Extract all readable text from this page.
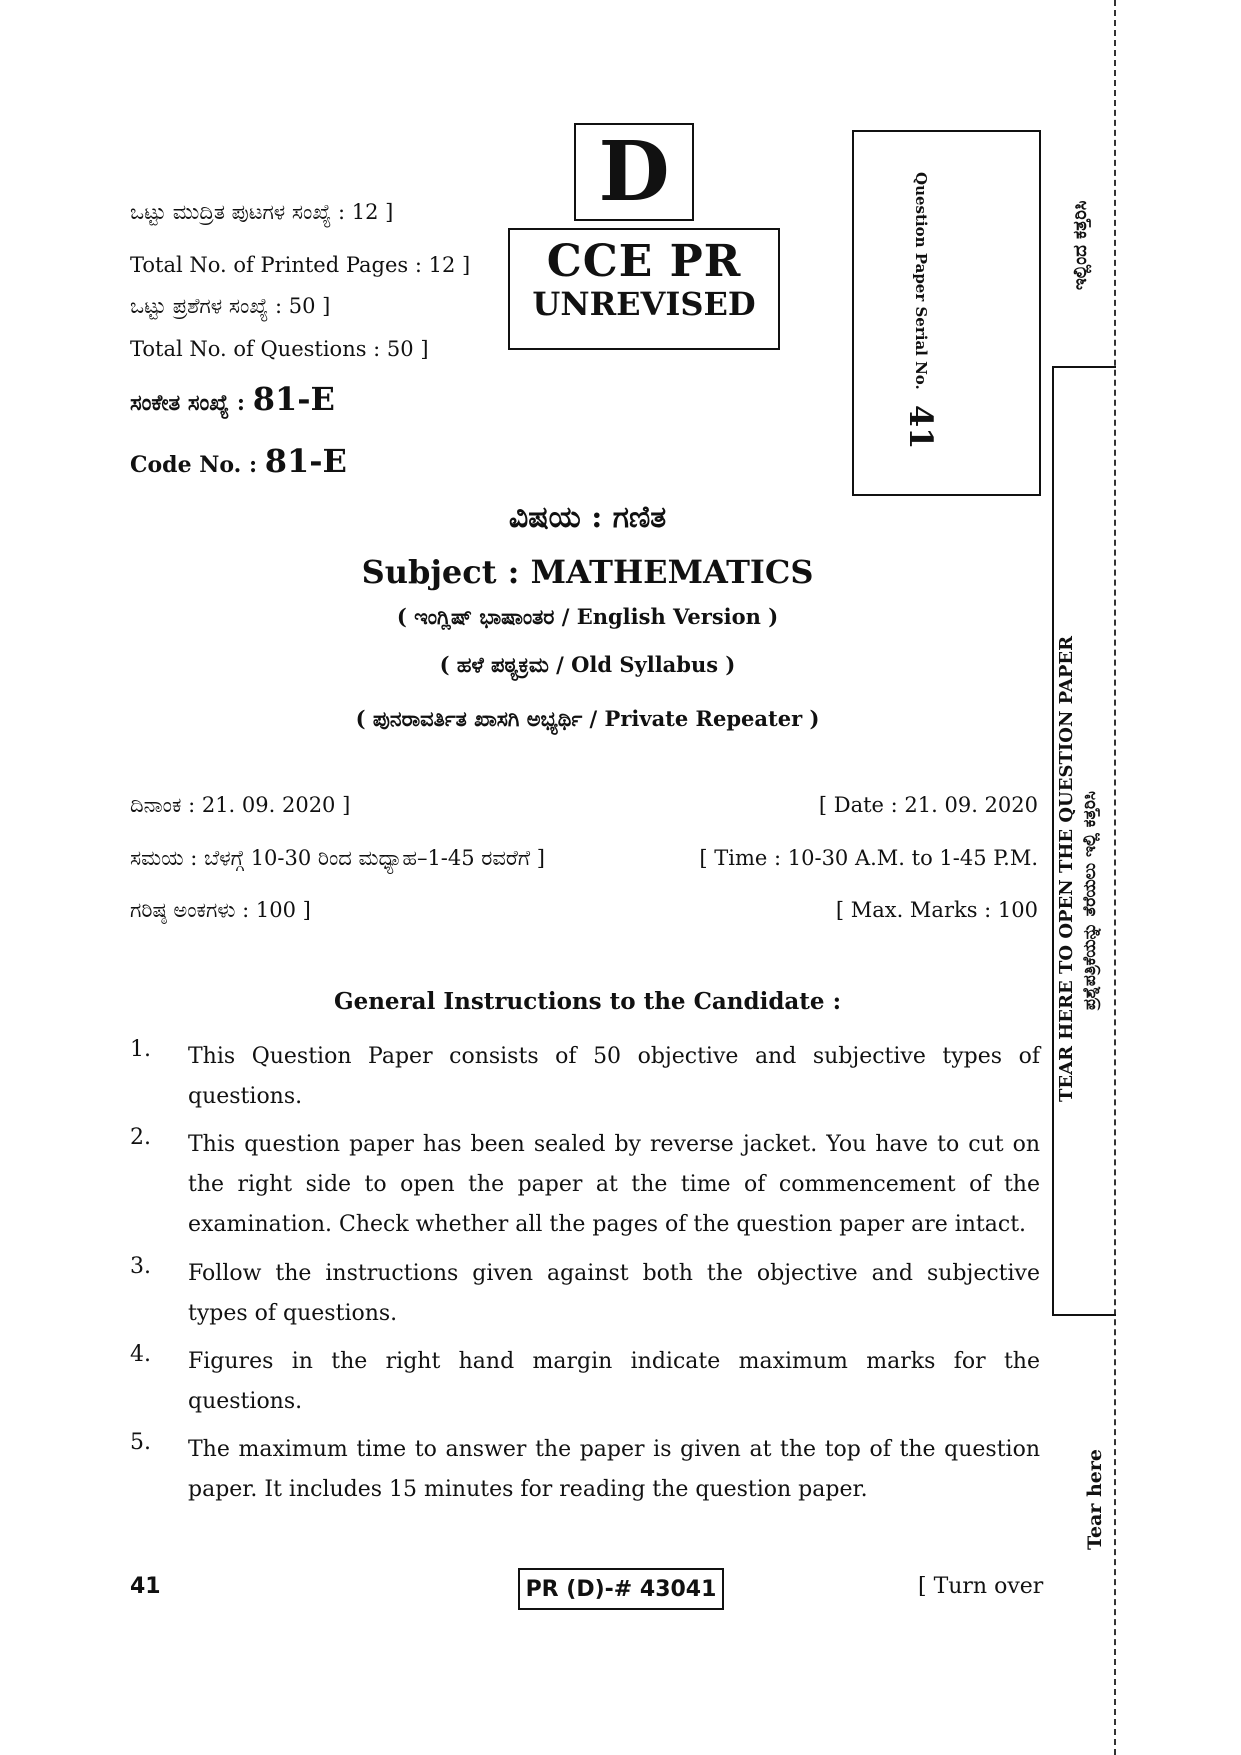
ಒಟ್ಟು ಮುದ್ರಿತ ಪುಟಗಳ ಸಂಖ್ಯೆ : 12 ]
Total No. of Printed Pages : 12 ]
ಒಟ್ಟು ಪ್ರಶೆಗಳ ಸಂಖ್ಯೆ : 50 ]
Total No. of Questions : 50 ]
ಸಂಕೇತ ಸಂಖ್ಯೆ : 81-E
Code No. : 81-E
D
CCE PR
UNREVISED	Question Paper Serial No. 41
ವಿಷಯ : ಗಣಿತ
Subject : MATHEMATICS
( ಇಂಗ್ಲಿಷ್ ಭಾಷಾಂತರ / English Version )
( ಹಳೆ ಪಠ್ಯಕ್ರಮ / Old Syllabus )
( ಪುನರಾವರ್ತಿತ ಖಾಸಗಿ ಅಭ್ಯರ್ಥಿ / Private Repeater )
ದಿನಾಂಕ : 21. 09. 2020 ]	[ Date : 21. 09. 2020
ಸಮಯ : ಬೆಳಗ್ಗೆ 10-30 ರಿಂದ ಮಧ್ಯಾಹ–1-45 ರವರೆಗೆ ]	[ Time : 10-30 A.M. to 1-45 P.M.
ಗರಿಷ್ಠ ಅಂಕಗಳು : 100 ]	[ Max. Marks : 100
General Instructions to the Candidate :
1. This Question Paper consists of 50 objective and subjective types of questions.
2. This question paper has been sealed by reverse jacket. You have to cut on the right side to open the paper at the time of commencement of the examination. Check whether all the pages of the question paper are intact.
3. Follow the instructions given against both the objective and subjective types of questions.
4. Figures in the right hand margin indicate maximum marks for the questions.
5. The maximum time to answer the paper is given at the top of the question paper. It includes 15 minutes for reading the question paper.
ಇಲ್ಲಿಂದ ಕತ್ತರಿಸಿ
TEAR HERE TO OPEN THE QUESTION PAPER ಪ್ರಶ್ನೆಪತ್ರಿಕೆಯನ್ನು ತೆರೆಯಲು ಇಲ್ಲಿ ಕತ್ತರಿಸಿ
Tear here
41	PR (D)-# 43041	[ Turn over
